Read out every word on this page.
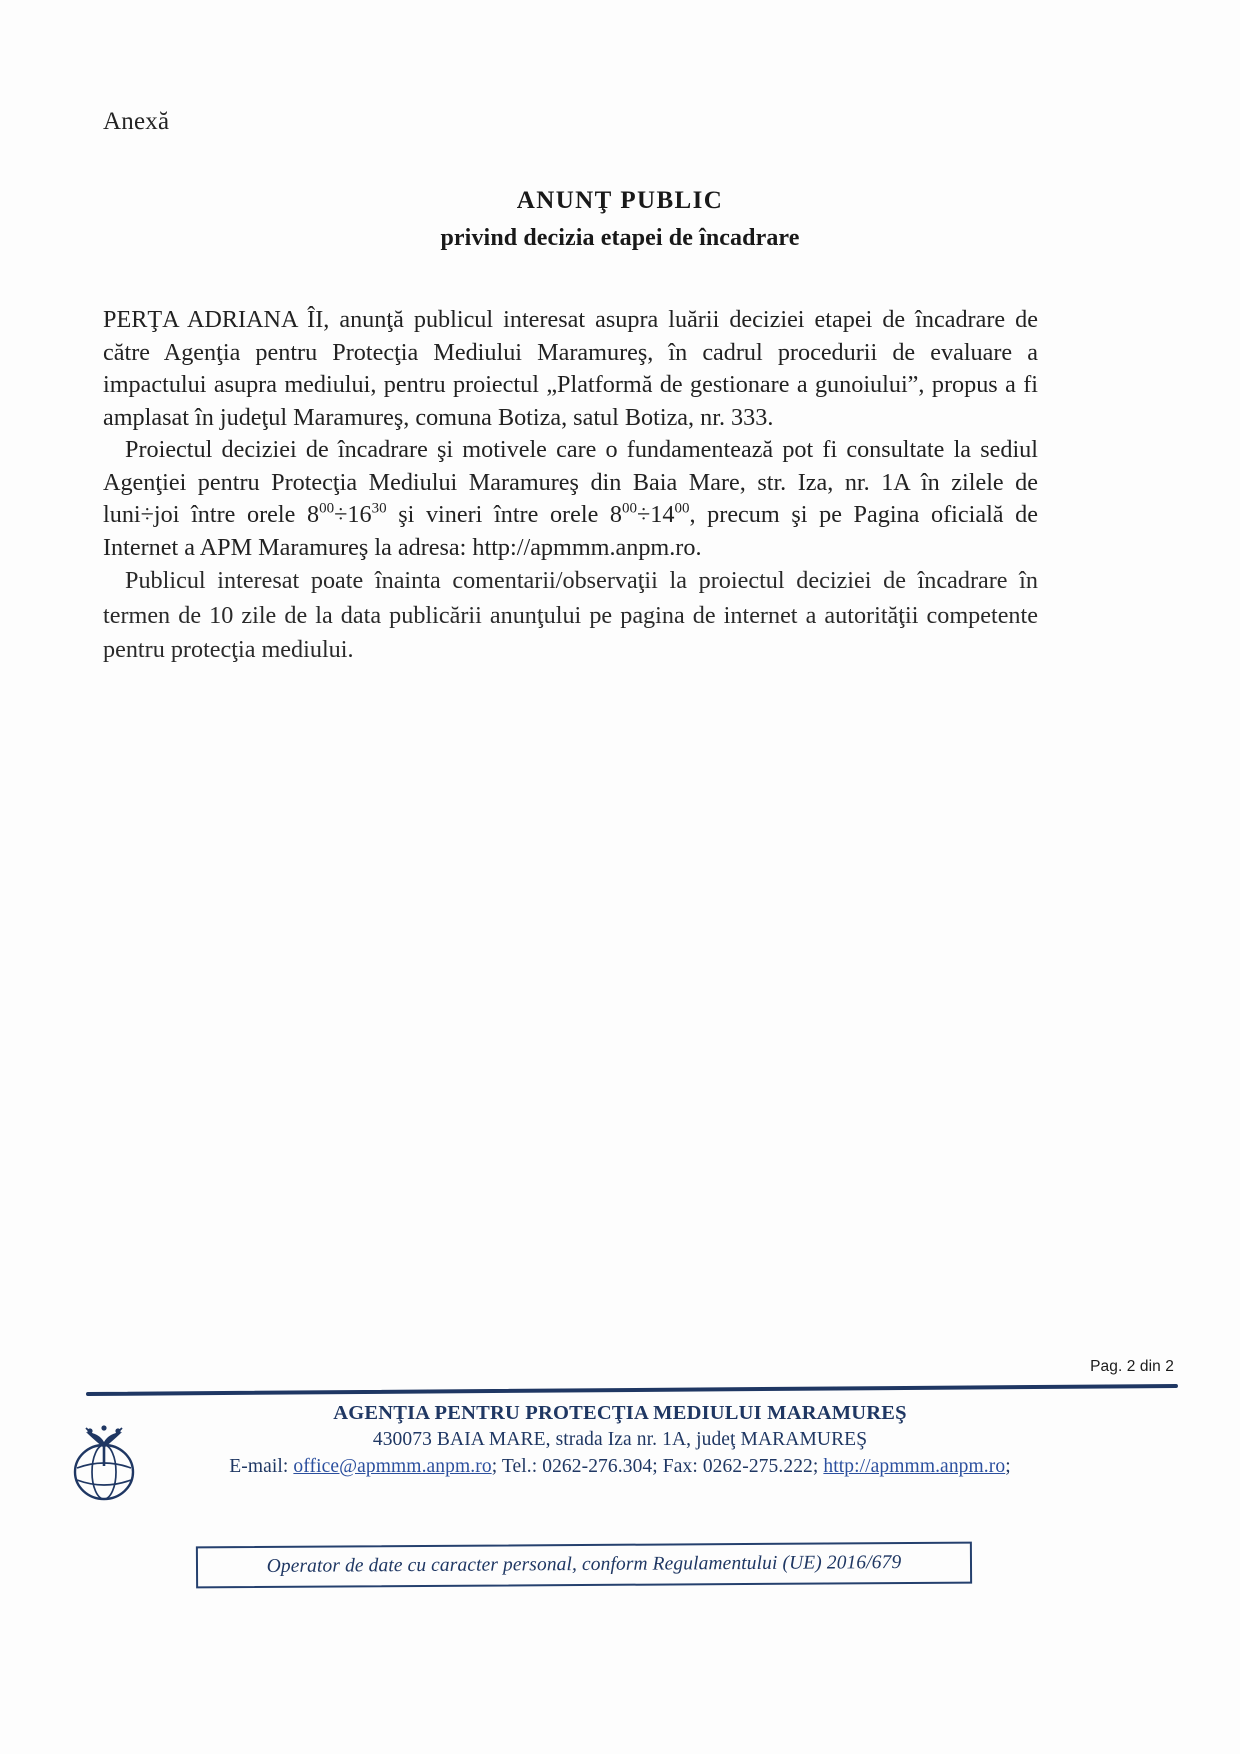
Anexă
ANUNŢ PUBLIC
privind decizia etapei de încadrare

PERŢA ADRIANA ÎI, anunţă publicul interesat asupra luării deciziei etapei de încadrare de către Agenţia pentru Protecţia Mediului Maramureş, în cadrul procedurii de evaluare a impactului asupra mediului, pentru proiectul „Platformă de gestionare a gunoiului”, propus a fi amplasat în judeţul Maramureş, comuna Botiza, satul Botiza, nr. 333.

Proiectul deciziei de încadrare şi motivele care o fundamentează pot fi consultate la sediul Agenţiei pentru Protecţia Mediului Maramureş din Baia Mare, str. Iza, nr. 1A în zilele de luni÷joi între orele $8^{00}\div 16^{30}$ şi vineri între orele $8^{00}\div 14^{00}$, precum şi pe Pagina oficială de Internet a APM Maramureş la adresa: http://apmmm.anpm.ro.

Publicul interesat poate înainta comentarii/observaţii la proiectul deciziei de încadrare în termen de 10 zile de la data publicării anunţului pe pagina de internet a autorităţii competente pentru protecţia mediului.

Pag. 2 din 2
AGENŢIA PENTRU PROTECŢIA MEDIULUI MARAMUREŞ
430073 BAIA MARE, strada Iza nr. 1A, judeţ MARAMUREŞ
E-mail: office@apmmm.anpm.ro; Tel.: 0262-276.304; Fax: 0262-275.222; http://apmmm.anpm.ro;
Operator de date cu caracter personal, conform Regulamentului (UE) 2016/679
